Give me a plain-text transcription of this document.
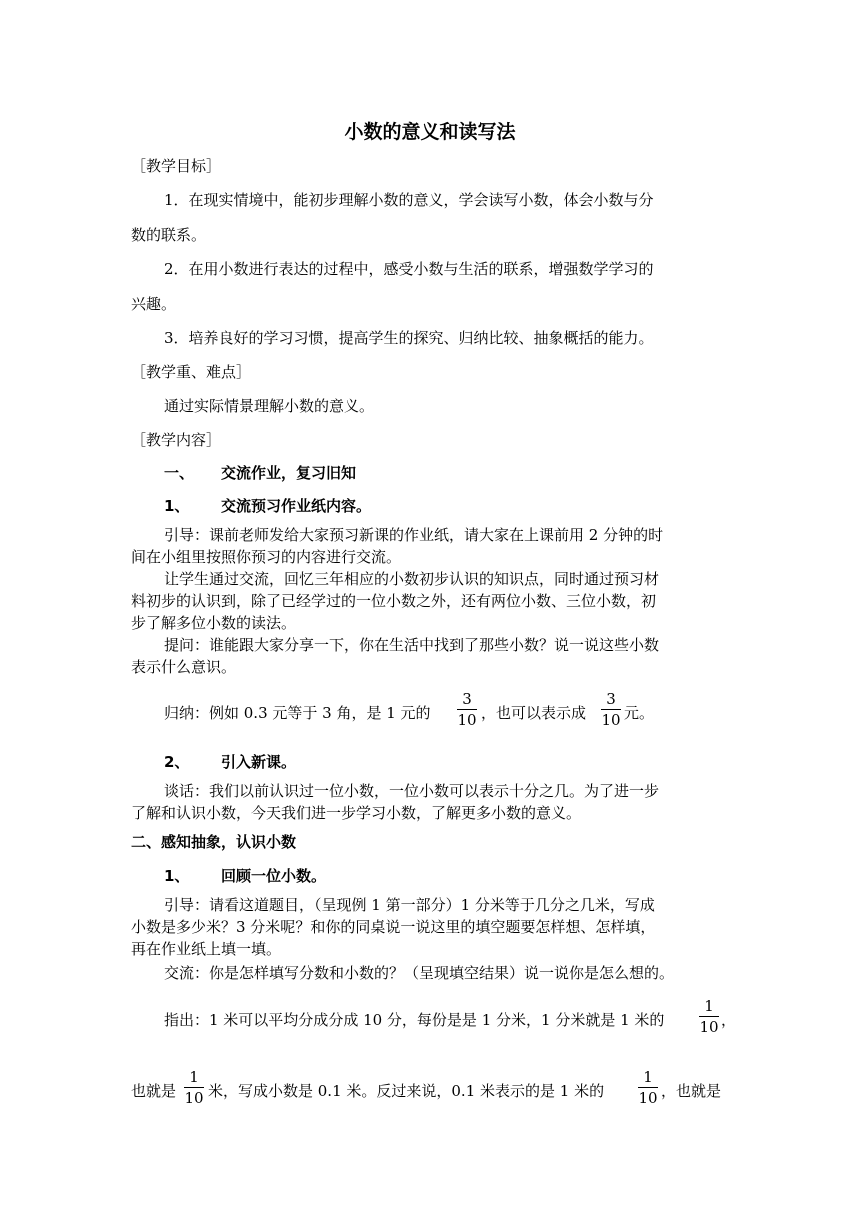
小数的意义和读写法
［教学目标］
1．在现实情境中，能初步理解小数的意义，学会读写小数，体会小数与分
数的联系。
2．在用小数进行表达的过程中，感受小数与生活的联系，增强数学学习的
兴趣。
3．培养良好的学习习惯，提高学生的探究、归纳比较、抽象概括的能力。
［教学重、难点］
通过实际情景理解小数的意义。
［教学内容］
一、 交流作业，复习旧知
1、 交流预习作业纸内容。
引导：课前老师发给大家预习新课的作业纸，请大家在上课前用 2 分钟的时
间在小组里按照你预习的内容进行交流。
让学生通过交流，回忆三年相应的小数初步认识的知识点，同时通过预习材
料初步的认识到，除了已经学过的一位小数之外，还有两位小数、三位小数，初
步了解多位小数的读法。
提问：谁能跟大家分享一下，你在生活中找到了那些小数？说一说这些小数
表示什么意识。
归纳：例如 0.3 元等于 3 角，是 1 元的
3
10 ，也可以表示成
3
10 元。
2、 引入新课。
谈话：我们以前认识过一位小数，一位小数可以表示十分之几。为了进一步
了解和认识小数，今天我们进一步学习小数，了解更多小数的意义。
二、感知抽象，认识小数
1、 回顾一位小数。
引导：请看这道题目，（呈现例 1 第一部分）1 分米等于几分之几米，写成
小数是多少米？3 分米呢？和你的同桌说一说这里的填空题要怎样想、怎样填，
再在作业纸上填一填。
交流：你是怎样填写分数和小数的？（呈现填空结果）说一说你是怎么想的。
指出：1 米可以平均分成分成 10 分，每份是是 1 分米，1 分米就是 1 米的
1
10 ，
也就是
1
10 米，写成小数是 0.1 米。反过来说，0.1 米表示的是 1 米的
1
10 ，也就是
